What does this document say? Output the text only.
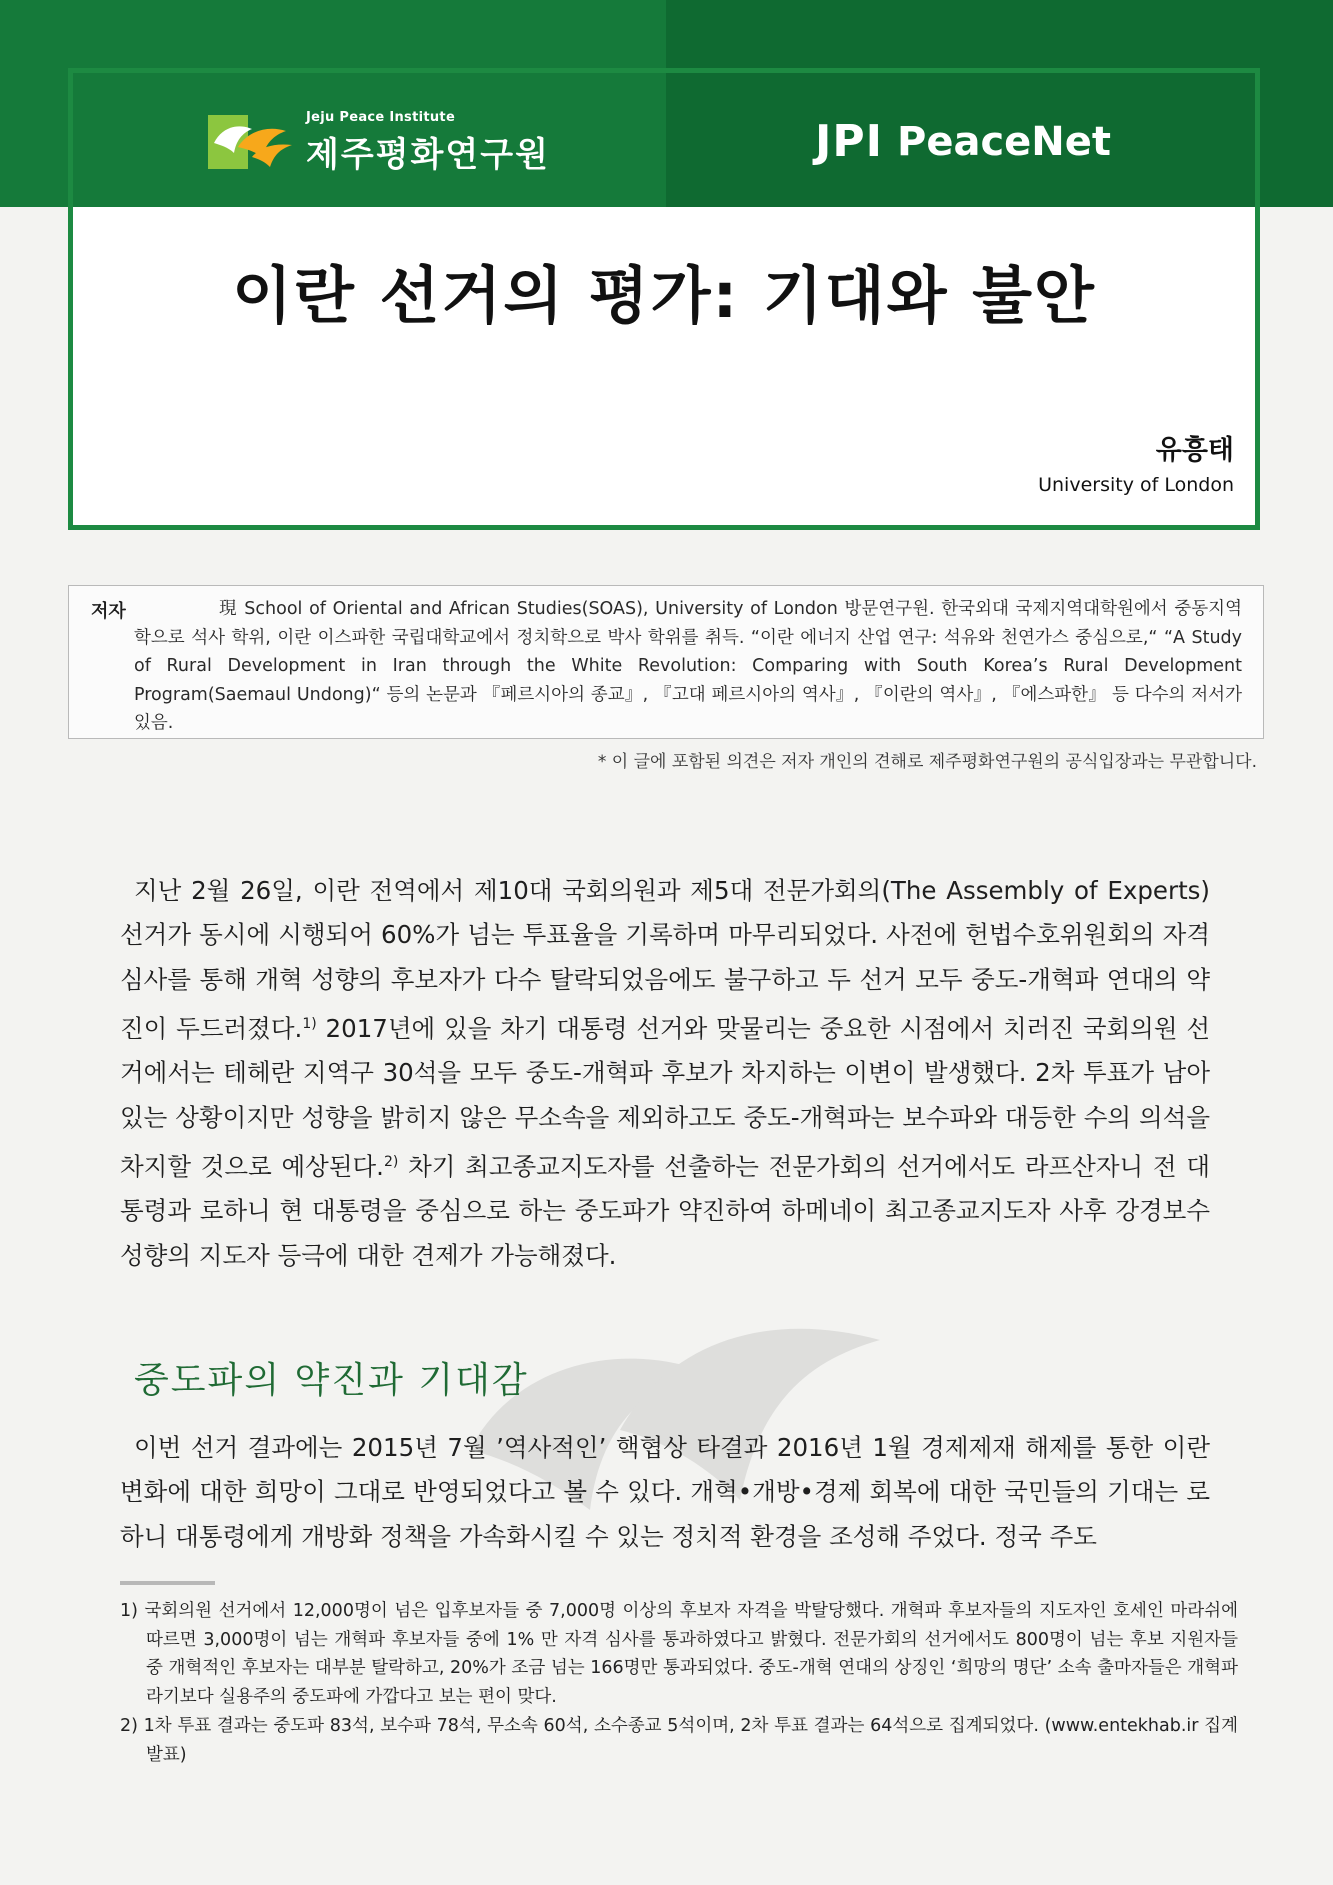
Jeju Peace Institute
제주평화연구원	JPI PeaceNet
이란 선거의 평가: 기대와 불안
유흥태
University of London
저자	現 School of Oriental and African Studies(SOAS), University of London 방문연구원. 한국외대 국제지역대학원에서 중동지역학으로 석사 학위, 이란 이스파한 국립대학교에서 정치학으로 박사 학위를 취득. “이란 에너지 산업 연구: 석유와 천연가스 중심으로,“ “A Study of Rural Development in Iran through the White Revolution: Comparing with South Korea’s Rural Development Program(Saemaul Undong)“ 등의 논문과 『페르시아의 종교』, 『고대 페르시아의 역사』, 『이란의 역사』, 『에스파한』 등 다수의 저서가 있음.
* 이 글에 포함된 의견은 저자 개인의 견해로 제주평화연구원의 공식입장과는 무관합니다.
지난 2월 26일, 이란 전역에서 제10대 국회의원과 제5대 전문가회의(The Assembly of Experts) 선거가 동시에 시행되어 60%가 넘는 투표율을 기록하며 마무리되었다. 사전에 헌법수호위원회의 자격 심사를 통해 개혁 성향의 후보자가 다수 탈락되었음에도 불구하고 두 선거 모두 중도-개혁파 연대의 약진이 두드러졌다.$^{1)}$ 2017년에 있을 차기 대통령 선거와 맞물리는 중요한 시점에서 치러진 국회의원 선거에서는 테헤란 지역구 30석을 모두 중도-개혁파 후보가 차지하는 이변이 발생했다. 2차 투표가 남아있는 상황이지만 성향을 밝히지 않은 무소속을 제외하고도 중도-개혁파는 보수파와 대등한 수의 의석을 차지할 것으로 예상된다.$^{2)}$ 차기 최고종교지도자를 선출하는 전문가회의 선거에서도 라프산자니 전 대통령과 로하니 현 대통령을 중심으로 하는 중도파가 약진하여 하메네이 최고종교지도자 사후 강경보수 성향의 지도자 등극에 대한 견제가 가능해졌다.
중도파의 약진과 기대감
이번 선거 결과에는 2015년 7월 ’역사적인’ 핵협상 타결과 2016년 1월 경제제재 해제를 통한 이란 변화에 대한 희망이 그대로 반영되었다고 볼 수 있다. 개혁•개방•경제 회복에 대한 국민들의 기대는 로하니 대통령에게 개방화 정책을 가속화시킬 수 있는 정치적 환경을 조성해 주었다. 정국 주도
1) 국회의원 선거에서 12,000명이 넘은 입후보자들 중 7,000명 이상의 후보자 자격을 박탈당했다. 개혁파 후보자들의 지도자인 호세인 마라쉬에 따르면 3,000명이 넘는 개혁파 후보자들 중에 1% 만 자격 심사를 통과하였다고 밝혔다. 전문가회의 선거에서도 800명이 넘는 후보 지원자들 중 개혁적인 후보자는 대부분 탈락하고, 20%가 조금 넘는 166명만 통과되었다. 중도-개혁 연대의 상징인 ‘희망의 명단’ 소속 출마자들은 개혁파라기보다 실용주의 중도파에 가깝다고 보는 편이 맞다.
2) 1차 투표 결과는 중도파 83석, 보수파 78석, 무소속 60석, 소수종교 5석이며, 2차 투표 결과는 64석으로 집계되었다. (www.entekhab.ir 집계 발표)
